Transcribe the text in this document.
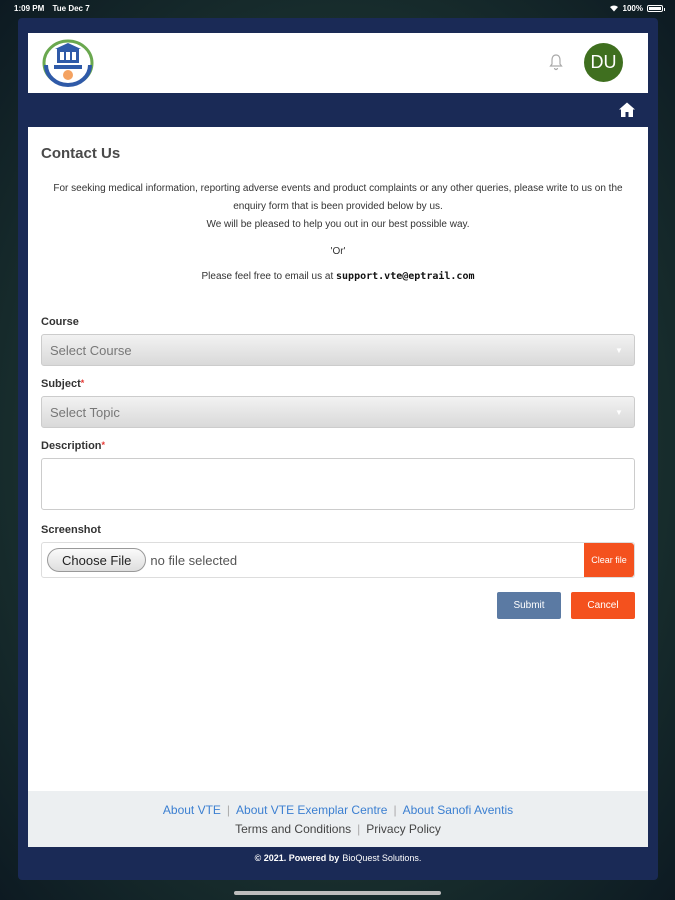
1:09 PM Tue Dec 7	100%
DU
Contact Us
For seeking medical information, reporting adverse events and product complaints or any other queries, please write to us on the enquiry form that is been provided below by us.
We will be pleased to help you out in our best possible way.
'Or'
Please feel free to email us at support.vte@eptrail.com
Course
Select Course	▼
Subject*
Select Topic	▼
Description*
Screenshot
Choose File no file selected	Clear file
Submit	Cancel
About VTE | About VTE Exemplar Centre | About Sanofi Aventis
Terms and Conditions | Privacy Policy
© 2021. Powered by BioQuest Solutions.
